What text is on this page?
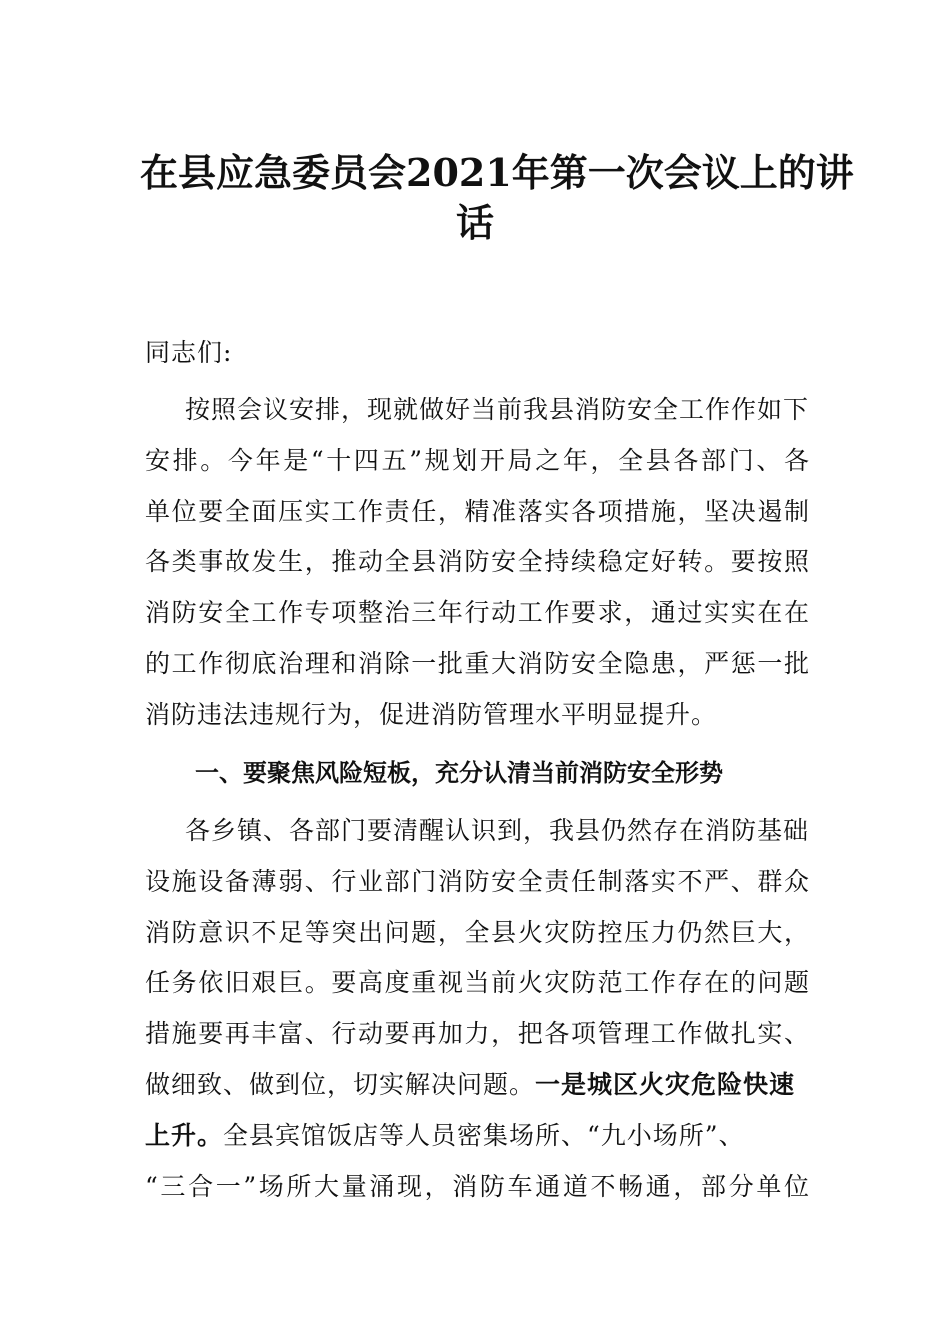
在县应急委员会2021年第一次会议上的讲
话
同志们:
按照会议安排，现就做好当前我县消防安全工作作如下
安排。今年是“十四五”规划开局之年，全县各部门、各
单位要全面压实工作责任，精准落实各项措施，坚决遏制
各类事故发生，推动全县消防安全持续稳定好转。要按照
消防安全工作专项整治三年行动工作要求，通过实实在在
的工作彻底治理和消除一批重大消防安全隐患，严惩一批
消防违法违规行为，促进消防管理水平明显提升。
一、要聚焦风险短板，充分认清当前消防安全形势
各乡镇、各部门要清醒认识到，我县仍然存在消防基础
设施设备薄弱、行业部门消防安全责任制落实不严、群众
消防意识不足等突出问题，全县火灾防控压力仍然巨大，
任务依旧艰巨。要高度重视当前火灾防范工作存在的问题
措施要再丰富、行动要再加力，把各项管理工作做扎实、
做细致、做到位，切实解决问题。一是城区火灾危险快速
上升。全县宾馆饭店等人员密集场所、“九小场所”、
“三合一”场所大量涌现，消防车通道不畅通，部分单位
